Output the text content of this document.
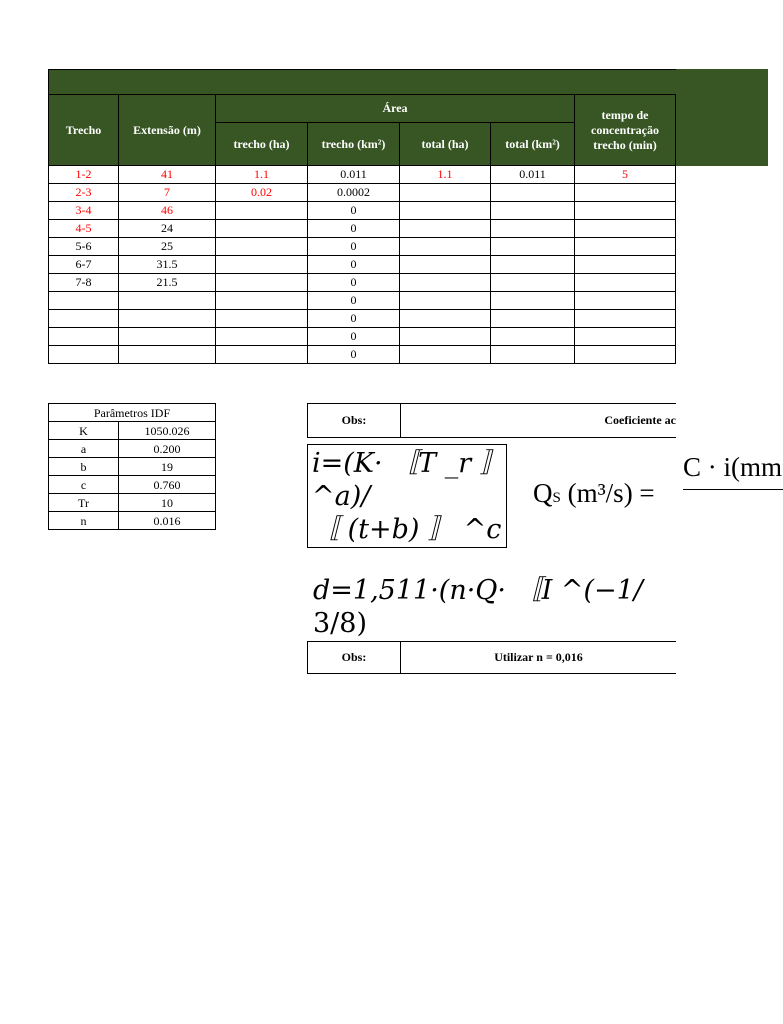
Trecho	Extensão (m)	Área				tempo de concentração trecho (min)
		trecho (ha)	trecho (km²)	total (ha)	total (km²)	
1-2	41	1.1	0.011	1.1	0.011	5
2-3	7	0.02	0.0002			
3-4	46		0			
4-5	24		0			
5-6	25		0			
6-7	31.5		0			
7-8	21.5		0			
			0			
			0			
			0			
			0			
Parâmetros IDF	
K	1050.026
a	0.200
b	19
c	0.760
Tr	10
n	0.016
Obs:	Coeficiente ac
i=(K· 〚T _r 〛
^a)/
〚 (t+b) 〛 ^c
QS (m³/s) =
C · i(mm
d=1,511·(n·Q· 〚I ^(−1/
3/8)
Obs:	Utilizar n = 0,016
